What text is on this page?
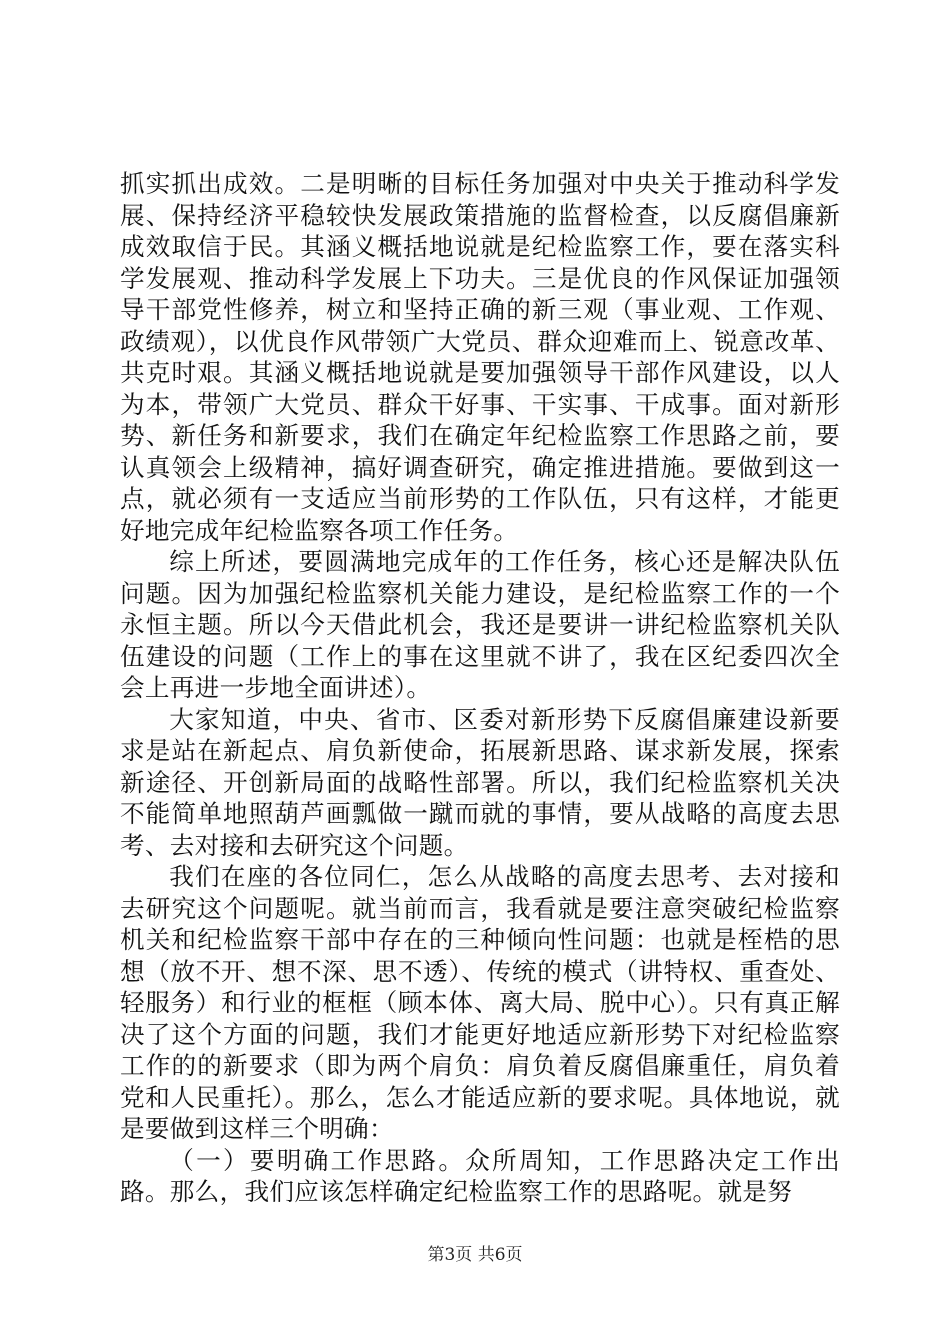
抓实抓出成效。二是明晰的目标任务加强对中央关于推动科学发展、保持经济平稳较快发展政策措施的监督检查，以反腐倡廉新成效取信于民。其涵义概括地说就是纪检监察工作，要在落实科学发展观、推动科学发展上下功夫。三是优良的作风保证加强领导干部党性修养，树立和坚持正确的新三观（事业观、工作观、政绩观），以优良作风带领广大党员、群众迎难而上、锐意改革、共克时艰。其涵义概括地说就是要加强领导干部作风建设，以人为本，带领广大党员、群众干好事、干实事、干成事。面对新形势、新任务和新要求，我们在确定年纪检监察工作思路之前，要认真领会上级精神，搞好调查研究，确定推进措施。要做到这一点，就必须有一支适应当前形势的工作队伍，只有这样，才能更好地完成年纪检监察各项工作任务。

综上所述，要圆满地完成年的工作任务，核心还是解决队伍问题。因为加强纪检监察机关能力建设，是纪检监察工作的一个永恒主题。所以今天借此机会，我还是要讲一讲纪检监察机关队伍建设的问题（工作上的事在这里就不讲了，我在区纪委四次全会上再进一步地全面讲述）。

大家知道，中央、省市、区委对新形势下反腐倡廉建设新要求是站在新起点、肩负新使命，拓展新思路、谋求新发展，探索新途径、开创新局面的战略性部署。所以，我们纪检监察机关决不能简单地照葫芦画瓢做一蹴而就的事情，要从战略的高度去思考、去对接和去研究这个问题。

我们在座的各位同仁，怎么从战略的高度去思考、去对接和去研究这个问题呢。就当前而言，我看就是要注意突破纪检监察机关和纪检监察干部中存在的三种倾向性问题：也就是桎梏的思想（放不开、想不深、思不透）、传统的模式（讲特权、重查处、轻服务）和行业的框框（顾本体、离大局、脱中心）。只有真正解决了这个方面的问题，我们才能更好地适应新形势下对纪检监察工作的的新要求（即为两个肩负：肩负着反腐倡廉重任，肩负着党和人民重托）。那么，怎么才能适应新的要求呢。具体地说，就是要做到这样三个明确：

（一）要明确工作思路。众所周知，工作思路决定工作出路。那么，我们应该怎样确定纪检监察工作的思路呢。就是努

第3页 共6页
